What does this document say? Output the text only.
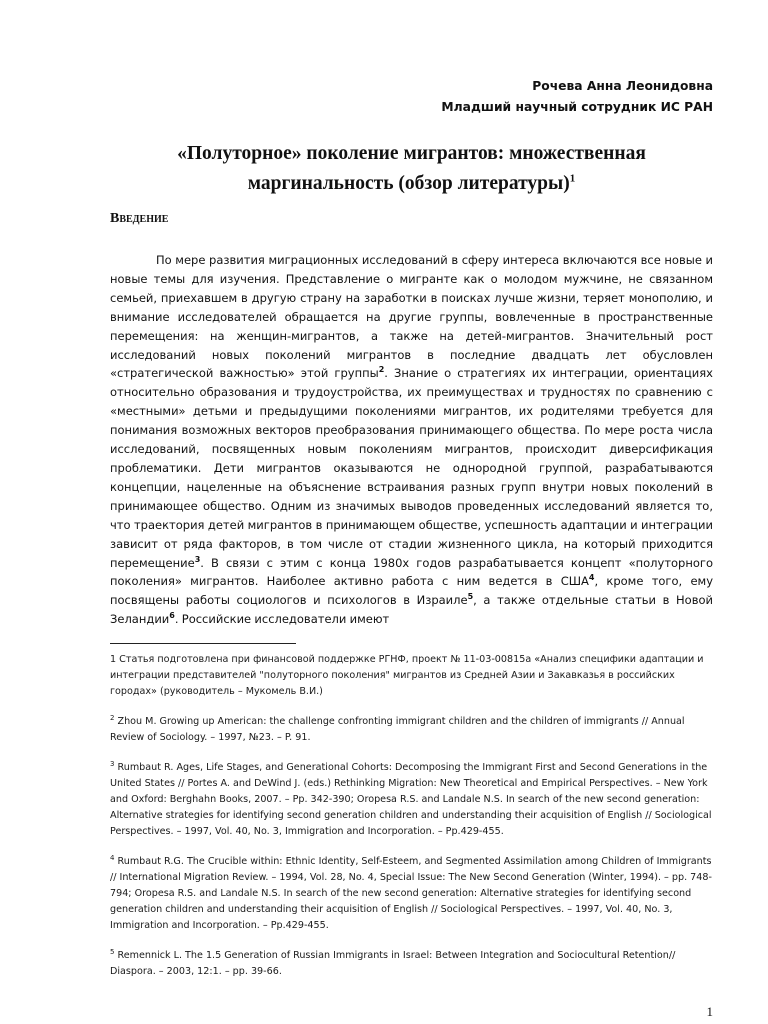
Рочева Анна Леонидовна
Младший научный сотрудник ИС РАН
«Полуторное» поколение мигрантов: множественная маргинальность (обзор литературы)$^1$
Введение
По мере развития миграционных исследований в сферу интереса включаются все новые и новые темы для изучения. Представление о мигранте как о молодом мужчине, не связанном семьей, приехавшем в другую страну на заработки в поисках лучше жизни, теряет монополию, и внимание исследователей обращается на другие группы, вовлеченные в пространственные перемещения: на женщин-мигрантов, а также на детей-мигрантов. Значительный рост исследований новых поколений мигрантов в последние двадцать лет обусловлен «стратегической важностью» этой группы$^2$. Знание о стратегиях их интеграции, ориентациях относительно образования и трудоустройства, их преимуществах и трудностях по сравнению с «местными» детьми и предыдущими поколениями мигрантов, их родителями требуется для понимания возможных векторов преобразования принимающего общества. По мере роста числа исследований, посвященных новым поколениям мигрантов, происходит диверсификация проблематики. Дети мигрантов оказываются не однородной группой, разрабатываются концепции, нацеленные на объяснение встраивания разных групп внутри новых поколений в принимающее общество. Одним из значимых выводов проведенных исследований является то, что траектория детей мигрантов в принимающем обществе, успешность адаптации и интеграции зависит от ряда факторов, в том числе от стадии жизненного цикла, на который приходится перемещение$^3$. В связи с этим с конца 1980х годов разрабатывается концепт «полуторного поколения» мигрантов. Наиболее активно работа с ним ведется в США$^4$, кроме того, ему посвящены работы социологов и психологов в Израиле$^5$, а также отдельные статьи в Новой Зеландии$^6$. Российские исследователи имеют
1 Статья подготовлена при финансовой поддержке РГНФ, проект № 11-03-00815а «Анализ специфики адаптации и интеграции представителей "полуторного поколения" мигрантов из Средней Азии и Закавказья в российских городах» (руководитель – Мукомель В.И.)
$^2$ Zhou M. Growing up American: the challenge confronting immigrant children and the children of immigrants // Annual Review of Sociology. – 1997, №23. – P. 91.
$^3$ Rumbaut R. Ages, Life Stages, and Generational Cohorts: Decomposing the Immigrant First and Second Generations in the United States // Portes A. and DeWind J. (eds.) Rethinking Migration: New Theoretical and Empirical Perspectives. – New York and Oxford: Berghahn Books, 2007. – Pp. 342-390; Oropesa R.S. and Landale N.S. In search of the new second generation: Alternative strategies for identifying second generation children and understanding their acquisition of English // Sociological Perspectives. – 1997, Vol. 40, No. 3, Immigration and Incorporation. – Pp.429-455.
$^4$ Rumbaut R.G. The Crucible within: Ethnic Identity, Self-Esteem, and Segmented Assimilation among Children of Immigrants // International Migration Review. – 1994, Vol. 28, No. 4, Special Issue: The New Second Generation (Winter, 1994). – pp. 748-794; Oropesa R.S. and Landale N.S. In search of the new second generation: Alternative strategies for identifying second generation children and understanding their acquisition of English // Sociological Perspectives. – 1997, Vol. 40, No. 3, Immigration and Incorporation. – Pp.429-455.
$^5$ Remennick L. The 1.5 Generation of Russian Immigrants in Israel: Between Integration and Sociocultural Retention// Diaspora. – 2003, 12:1. – pp. 39-66.
1
